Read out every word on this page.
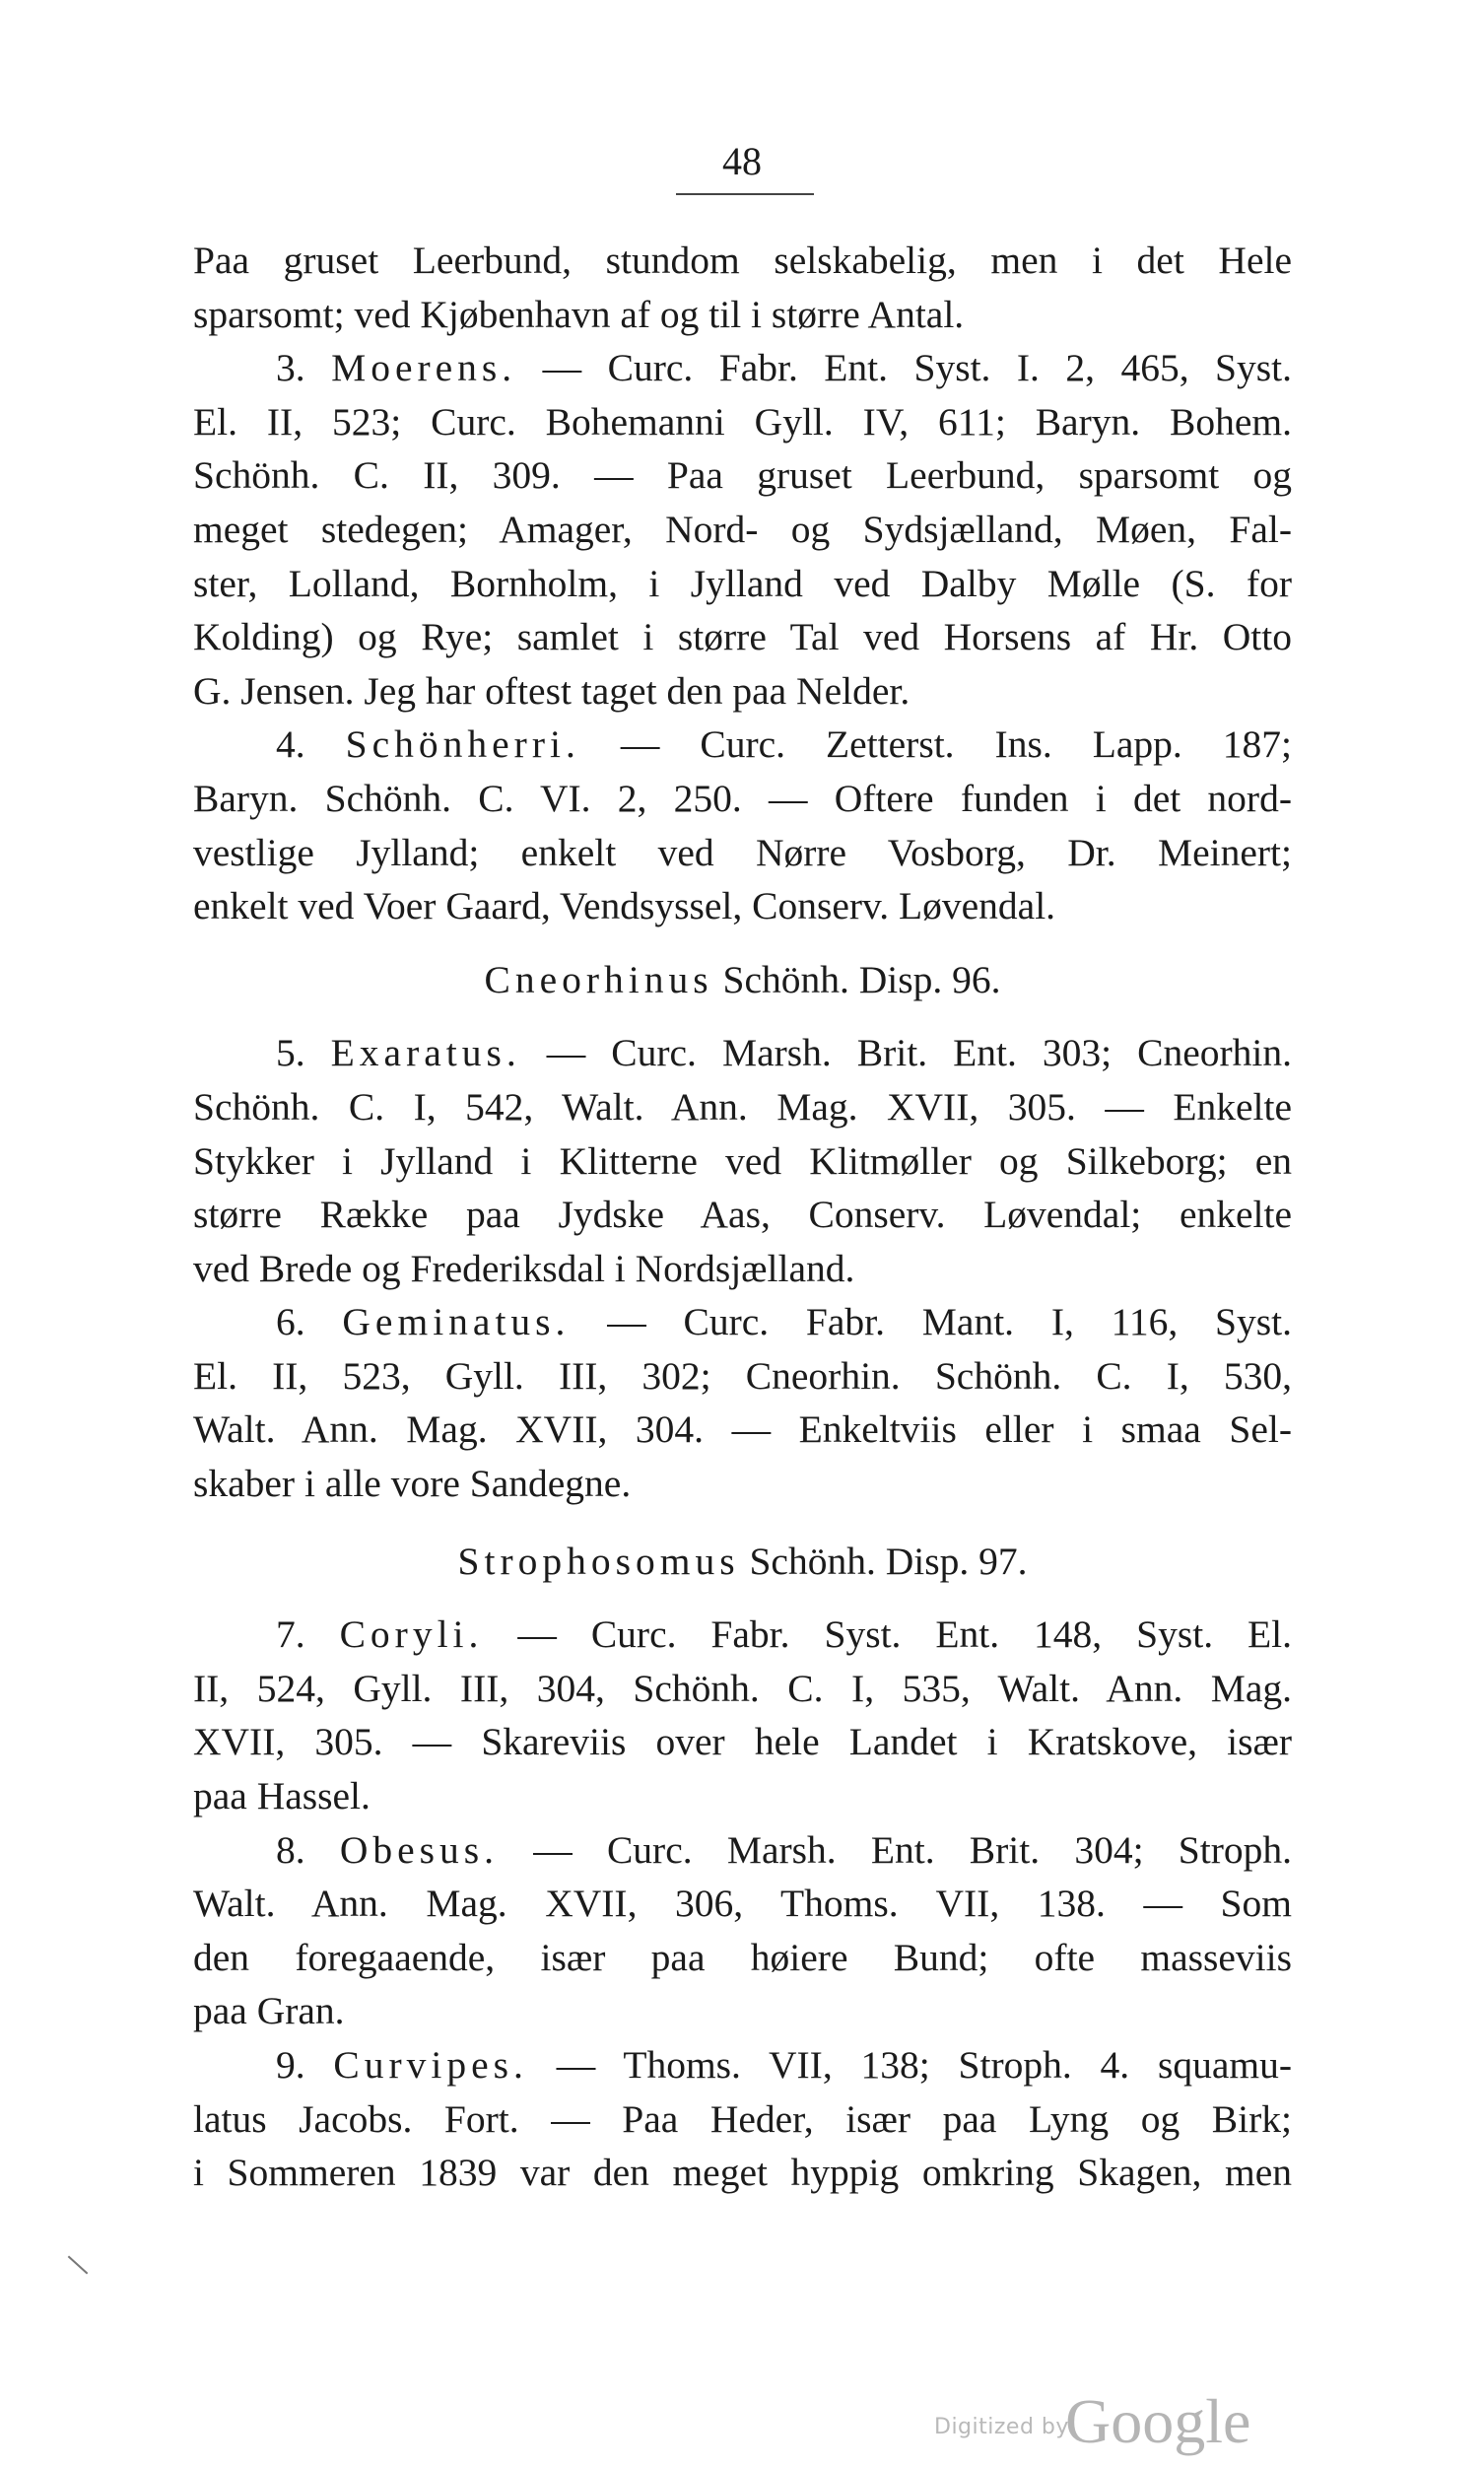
48
Paa gruset Leerbund, stundom selskabelig, men i det Hele
sparsomt; ved Kjøbenhavn af og til i større Antal.
3. Moerens. — Curc. Fabr. Ent. Syst. I. 2, 465, Syst.
El. II, 523; Curc. Bohemanni Gyll. IV, 611; Baryn. Bohem.
Schönh. C. II, 309. — Paa gruset Leerbund, sparsomt og
meget stedegen; Amager, Nord- og Sydsjælland, Møen, Fal-
ster, Lolland, Bornholm, i Jylland ved Dalby Mølle (S. for
Kolding) og Rye; samlet i større Tal ved Horsens af Hr. Otto
G. Jensen. Jeg har oftest taget den paa Nelder.
4. Schönherri. — Curc. Zetterst. Ins. Lapp. 187;
Baryn. Schönh. C. VI. 2, 250. — Oftere funden i det nord-
vestlige Jylland; enkelt ved Nørre Vosborg, Dr. Meinert;
enkelt ved Voer Gaard, Vendsyssel, Conserv. Løvendal.
Cneorhinus Schönh. Disp. 96.
5. Exaratus. — Curc. Marsh. Brit. Ent. 303; Cneorhin.
Schönh. C. I, 542, Walt. Ann. Mag. XVII, 305. — Enkelte
Stykker i Jylland i Klitterne ved Klitmøller og Silkeborg; en
større Række paa Jydske Aas, Conserv. Løvendal; enkelte
ved Brede og Frederiksdal i Nordsjælland.
6. Geminatus. — Curc. Fabr. Mant. I, 116, Syst.
El. II, 523, Gyll. III, 302; Cneorhin. Schönh. C. I, 530,
Walt. Ann. Mag. XVII, 304. — Enkeltviis eller i smaa Sel-
skaber i alle vore Sandegne.
Strophosomus Schönh. Disp. 97.
7. Coryli. — Curc. Fabr. Syst. Ent. 148, Syst. El.
II, 524, Gyll. III, 304, Schönh. C. I, 535, Walt. Ann. Mag.
XVII, 305. — Skareviis over hele Landet i Kratskove, især
paa Hassel.
8. Obesus. — Curc. Marsh. Ent. Brit. 304; Stroph.
Walt. Ann. Mag. XVII, 306, Thoms. VII, 138. — Som
den foregaaende, især paa høiere Bund; ofte masseviis
paa Gran.
9. Curvipes. — Thoms. VII, 138; Stroph. 4. squamu-
latus Jacobs. Fort. — Paa Heder, især paa Lyng og Birk;
i Sommeren 1839 var den meget hyppig omkring Skagen, men
Digitized by
Google
